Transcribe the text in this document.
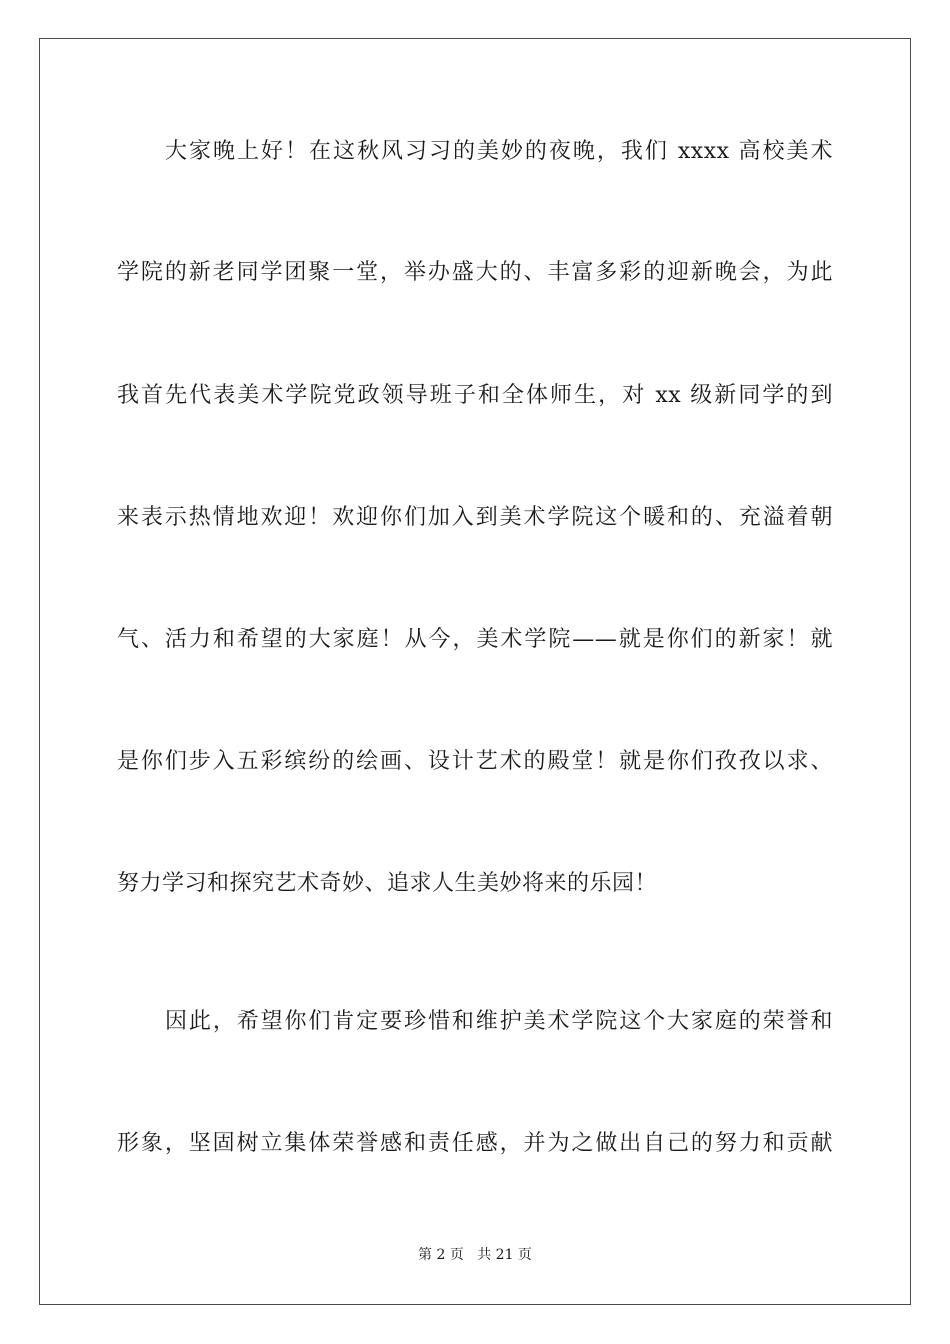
大家晚上好！在这秋风习习的美妙的夜晚，我们 xxxx 高校美术
学院的新老同学团聚一堂，举办盛大的、丰富多彩的迎新晚会，为此
我首先代表美术学院党政领导班子和全体师生，对 xx 级新同学的到
来表示热情地欢迎！欢迎你们加入到美术学院这个暖和的、充溢着朝
气、活力和希望的大家庭！从今，美术学院——就是你们的新家！就
是你们步入五彩缤纷的绘画、设计艺术的殿堂！就是你们孜孜以求、
努力学习和探究艺术奇妙、追求人生美妙将来的乐园！
因此，希望你们肯定要珍惜和维护美术学院这个大家庭的荣誉和
形象，坚固树立集体荣誉感和责任感，并为之做出自己的努力和贡献
第 2 页 共 21 页
